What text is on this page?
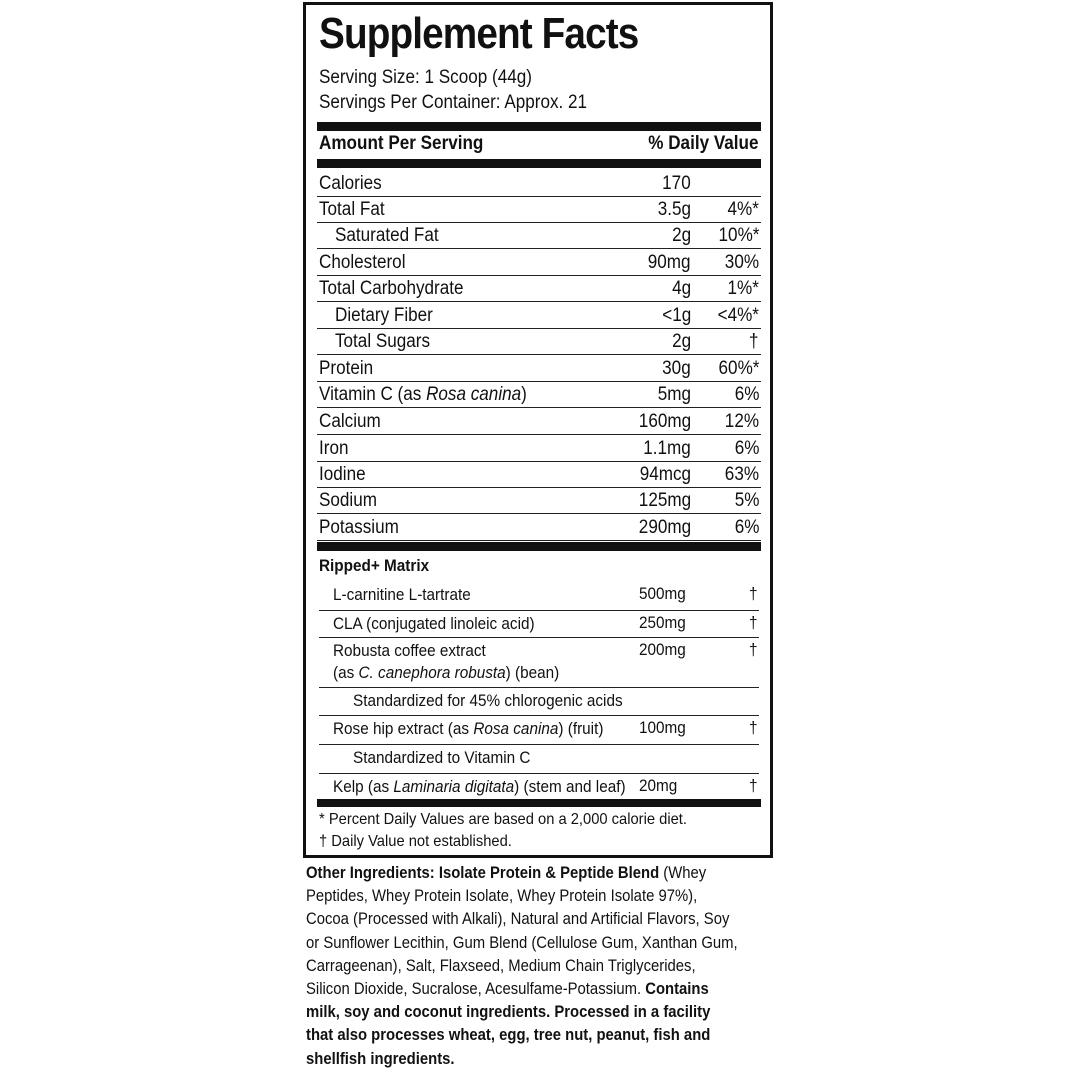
Supplement Facts
Serving Size: 1 Scoop (44g)
Servings Per Container: Approx. 21
Amount Per Serving	% Daily Value
Calories	170
Total Fat	3.5g 4%*
Saturated Fat	2g 10%*
Cholesterol	90mg 30%
Total Carbohydrate	4g 1%*
Dietary Fiber	<1g <4%*
Total Sugars	2g	†
Protein	30g 60%*
Vitamin C (as Rosa canina)	5mg 6%
Calcium	160mg 12%
Iron	1.1mg 6%
Iodine	94mcg 63%
Sodium	125mg 5%
Potassium	290mg 6%
Ripped+ Matrix
L-carnitine L-tartrate	500mg	†
CLA (conjugated linoleic acid)	250mg	†
Robusta coffee extract
(as C. canephora robusta) (bean)
200mg	†
Standardized for 45% chlorogenic acids
Rose hip extract (as Rosa canina) (fruit) 100mg	†
Standardized to Vitamin C
Kelp (as Laminaria digitata) (stem and leaf) 20mg	†
* Percent Daily Values are based on a 2,000 calorie diet.
† Daily Value not established.

Other Ingredients: Isolate Protein & Peptide Blend (Whey

Peptides, Whey Protein Isolate, Whey Protein Isolate 97%),

Cocoa (Processed with Alkali), Natural and Artificial Flavors, Soy

or Sunflower Lecithin, Gum Blend (Cellulose Gum, Xanthan Gum,

Carrageenan), Salt, Flaxseed, Medium Chain Triglycerides,

Silicon Dioxide, Sucralose, Acesulfame-Potassium. Contains

milk, soy and coconut ingredients. Processed in a facility

that also processes wheat, egg, tree nut, peanut, fish and

shellfish ingredients.
